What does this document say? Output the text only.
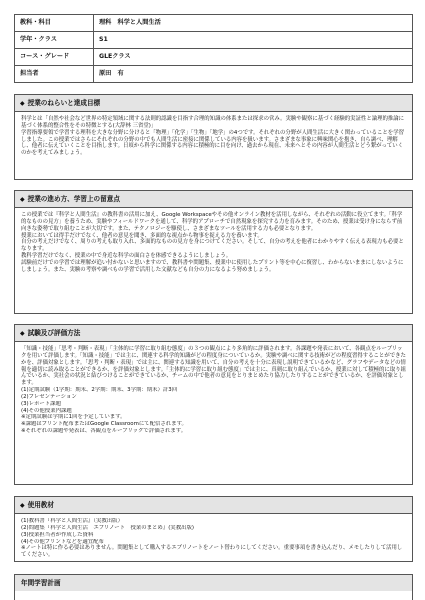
教科・科目	理科　科学と人間生活
学年・クラス	S1
コース・グレード	GLEクラス
担当者	原田　有
◆ 授業のねらいと達成目標

科学とは「自然や社会など世界の特定領域に関する法則的認識を目指す合理的知識の体系または探求の営み。実験や観察に基づく経験的実証性と論理的推論に基づく体系的整合性をその特徴とする(大辞林 三省堂)」

学習指導要領で学習する理科を大きな分野に分けると「物理」「化学」「生物」「地学」の4つです。それぞれの分野が人間生活に大きく関わっていることを学習しました。この授業ではさらにそれぞれの分野の中でも人間生活に密接に関係している内容を扱います。さまざまな事象に興味関心を抱き、自ら調べ、理解し、他者に伝えていくことを目指します。日頃から科学に関係する内容に積極的に目を向け、過去から現在、未来へとその内容が人間生活とどう繋がっていくのかを考えてみましょう。

◆ 授業の進め方、学習上の留意点

この授業では『科学と人間生活』の教科書の活用に加え、Google Workspaceやその他オンライン教材を活用しながら、それぞれの活動に役立てます。「科学的なものの見方」を養うため、実験やフィールドワークを通して、科学的アプローチで自然現象を探究する力を育みます。そのため、授業は受け身にならず前向きな姿勢で取り組むことが大切です。また、テクノロジーを駆使し、さまざまなツールを活用する力も必要となります。

授業においては得手だけでなく、他者の意見を聞き、多面的な視点から物事を捉える力を養います。

自分の考えだけでなく、周りの考えも取り入れ、多面的なものの見方を身につけてください。そして、自分の考えを他者にわかりやすく伝える表現力も必要となります。

教科学習だけでなく、授業の中で身近な科学の面白さを体感できるようにしましょう。

試験前だけでの学習では理解が追い付かないと思いますので、教科書や問題集、授業中に使用したプリント等を中心に復習し、わからないままにしないようにしましょう。また、実験の考察や調べもの学習で活用した文献なども自分の力になるよう努めましょう。

◆ 試験及び評価方法

「知識・技能」「思考・判断・表現」「主体的に学習に取り組む態度」の３つの観点により多角的に評価されます。各課題や発表において、各観点をルーブリックを用いて評価します。「知識・技能」では主に、関連する科学的知識がどの程度身についているか。実験や調べに関する技術がどの程度習得することができたかを、評価対象とします。「思考・判断・表現」では主に、関連する知識を用いて、自分の考えを十分に表現し説明できているかなど、グラフやデータなどの情報を適切に読み取ることができるか、を評価対象とします。「主体的に学習に取り組む態度」では主に、真剣に取り組んでいるか、授業に対して積極的に取り組んでいるか、実社会の状況と結びつけることができているか、チームの中で他者の意見をとりまとめたり協力したりすることができているか、を評価対象とします。

(1)定期試験（1学期：期末、2学期：期末、3学期：期末）計3回
(2)プレゼンテーション
(3)レポート課題
(4)その他授業内課題
※定期試験は学期に1回を予定しています。
※課題はプリント配布またはGoogle Classroomにて配信されます。
※それぞれの課題や発表は、各観点をルーブリックで評価されます。
◆ 使用教材
(1)教科書『科学と人間生活』（実教出版）
(2)問題集『科学と人間生活　エブリノート　授業のまとめ』(実教出版)
(3)授業担当者が作成した資料
(4)その他プリントなどを適宜配布

※ノートは特に作る必要はありません。問題集として購入するエブリノートをノート替わりにしてください。重要事項を書き込んだり、メモしたりして活用してください。

年間学習計画
